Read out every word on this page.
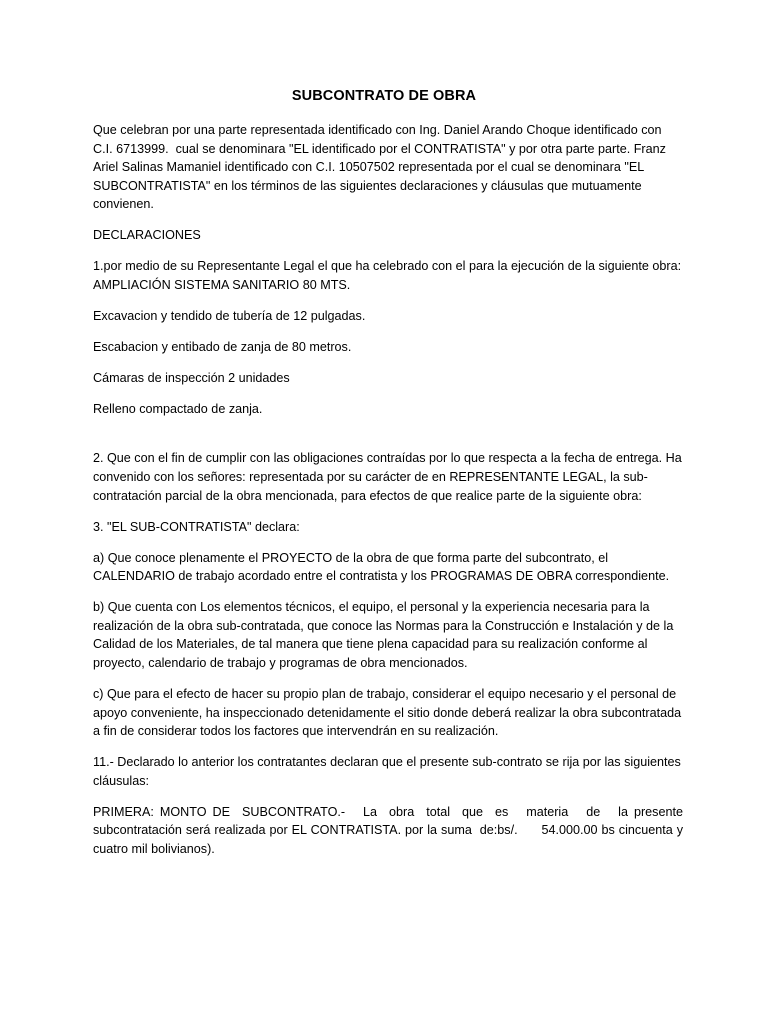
SUBCONTRATO DE OBRA

Que celebran por una parte representada identificado con Ing. Daniel Arando Choque identificado con C.I. 6713999.  cual se denominara "EL identificado por el CONTRATISTA" y por otra parte parte. Franz Ariel Salinas Mamaniel identificado con C.I. 10507502 representada por el cual se denominara "EL SUBCONTRATISTA" en los términos de las siguientes declaraciones y cláusulas que mutuamente convienen.

DECLARACIONES

1.por medio de su Representante Legal el que ha celebrado con el para la ejecución de la siguiente obra: AMPLIACIÓN SISTEMA SANITARIO 80 MTS.

Excavacion y tendido de tubería de 12 pulgadas.

Escabacion y entibado de zanja de 80 metros.

Cámaras de inspección 2 unidades

Relleno compactado de zanja.

2. Que con el fin de cumplir con las obligaciones contraídas por lo que respecta a la fecha de entrega. Ha convenido con los señores: representada por su carácter de en REPRESENTANTE LEGAL, la sub-contratación parcial de la obra mencionada, para efectos de que realice parte de la siguiente obra:

3. "EL SUB-CONTRATISTA" declara:

a) Que conoce plenamente el PROYECTO de la obra de que forma parte del subcontrato, el CALENDARIO de trabajo acordado entre el contratista y los PROGRAMAS DE OBRA correspondiente.

b) Que cuenta con Los elementos técnicos, el equipo, el personal y la experiencia necesaria para la realización de la obra sub-contratada, que conoce las Normas para la Construcción e Instalación y de la Calidad de los Materiales, de tal manera que tiene plena capacidad para su realización conforme al proyecto, calendario de trabajo y programas de obra mencionados.

c) Que para el efecto de hacer su propio plan de trabajo, considerar el equipo necesario y el personal de apoyo conveniente, ha inspeccionado detenidamente el sitio donde deberá realizar la obra subcontratada a fin de considerar todos los factores que intervendrán en su realización.

11.- Declarado lo anterior los contratantes declaran que el presente sub-contrato se rija por las siguientes cláusulas:

PRIMERA: MONTO DE  SUBCONTRATO.-   La  obra  total  que  es   materia   de   la presente subcontratación será realizada por EL CONTRATISTA. por la suma  de:bs/.      54.000.00 bs cincuenta y cuatro mil bolivianos).
